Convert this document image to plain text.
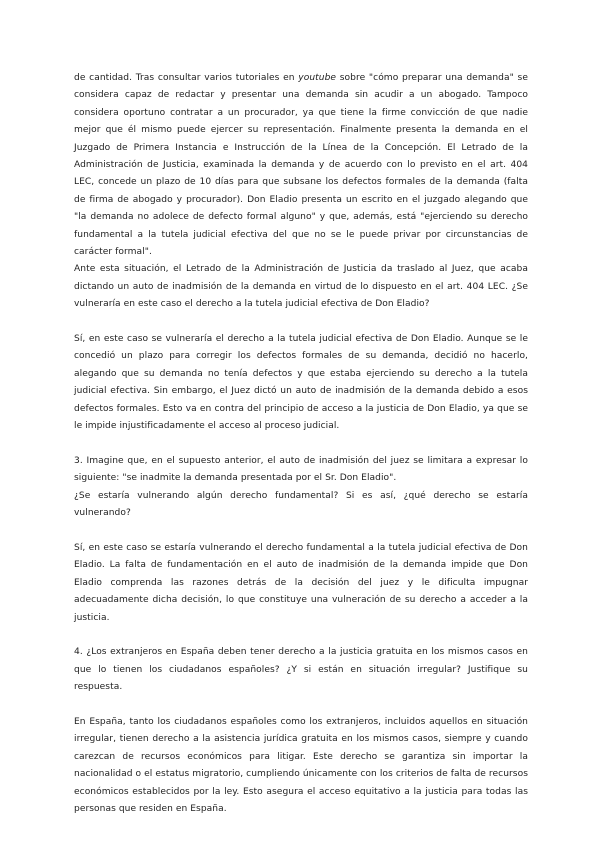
de cantidad. Tras consultar varios tutoriales en youtube sobre "cómo preparar una demanda" se considera capaz de redactar y presentar una demanda sin acudir a un abogado. Tampoco considera oportuno contratar a un procurador, ya que tiene la firme convicción de que nadie mejor que él mismo puede ejercer su representación. Finalmente presenta la demanda en el Juzgado de Primera Instancia e Instrucción de la Línea de la Concepción. El Letrado de la Administración de Justicia, examinada la demanda y de acuerdo con lo previsto en el art. 404 LEC, concede un plazo de 10 días para que subsane los defectos formales de la demanda (falta de firma de abogado y procurador). Don Eladio presenta un escrito en el juzgado alegando que "la demanda no adolece de defecto formal alguno" y que, además, está "ejerciendo su derecho fundamental a la tutela judicial efectiva del que no se le puede privar por circunstancias de carácter formal".

Ante esta situación, el Letrado de la Administración de Justicia da traslado al Juez, que acaba dictando un auto de inadmisión de la demanda en virtud de lo dispuesto en el art. 404 LEC. ¿Se vulneraría en este caso el derecho a la tutela judicial efectiva de Don Eladio?

Sí, en este caso se vulneraría el derecho a la tutela judicial efectiva de Don Eladio. Aunque se le concedió un plazo para corregir los defectos formales de su demanda, decidió no hacerlo, alegando que su demanda no tenía defectos y que estaba ejerciendo su derecho a la tutela judicial efectiva. Sin embargo, el Juez dictó un auto de inadmisión de la demanda debido a esos defectos formales. Esto va en contra del principio de acceso a la justicia de Don Eladio, ya que se le impide injustificadamente el acceso al proceso judicial.

3. Imagine que, en el supuesto anterior, el auto de inadmisión del juez se limitara a expresar lo siguiente: "se inadmite la demanda presentada por el Sr. Don Eladio".

¿Se estaría vulnerando algún derecho fundamental? Si es así, ¿qué derecho se estaría vulnerando?

Sí, en este caso se estaría vulnerando el derecho fundamental a la tutela judicial efectiva de Don Eladio. La falta de fundamentación en el auto de inadmisión de la demanda impide que Don Eladio comprenda las razones detrás de la decisión del juez y le dificulta impugnar adecuadamente dicha decisión, lo que constituye una vulneración de su derecho a acceder a la justicia.

4. ¿Los extranjeros en España deben tener derecho a la justicia gratuita en los mismos casos en que lo tienen los ciudadanos españoles? ¿Y si están en situación irregular? Justifique su respuesta.

En España, tanto los ciudadanos españoles como los extranjeros, incluidos aquellos en situación irregular, tienen derecho a la asistencia jurídica gratuita en los mismos casos, siempre y cuando carezcan de recursos económicos para litigar. Este derecho se garantiza sin importar la nacionalidad o el estatus migratorio, cumpliendo únicamente con los criterios de falta de recursos económicos establecidos por la ley. Esto asegura el acceso equitativo a la justicia para todas las personas que residen en España.
